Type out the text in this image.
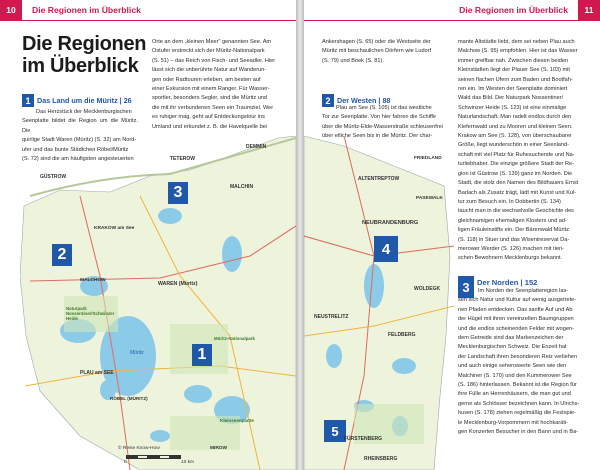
10	Die Regionen im Überblick
Die Regionen
im Überblick
1 Das Land um die Müritz | 26
Das Herzstück der Mecklenburgischen
Seenplatte bildet die Region um die Müritz. Die
quirlige Stadt Waren (Müritz) (S. 32) am Nord-
ufer und das bunte Städtchen Röbel/Müritz
(S. 72) sind die am häufigsten angesteuerten
Orte an dem „kleinen Meer“ genannten See. Am
Ostufer erstreckt sich der Müritz-Nationalpark
(S. 51) – das Reich von Fisch- und Seeadler. Hier
lässt sich die unberührte Natur auf Wanderun-
gen oder Radtouren erleben, am besten auf
einer Exkursion mit einem Ranger. Für Wasser-
sportler, besonders Segler, sind die Müritz und
die mit ihr verbundenen Seen ein Traumziel. Wer
es ruhiger mag, geht auf Entdeckungstour ins
Umland und erkundet z. B. die Havelquelle bei
3
2
1
GÜSTROW
KRAKOW am See
TETEROW
MALCHIN
DEMMIN
WAREN (Müritz)
MALCHOW
PLAU am SEE
RÖBEL (MÜRITZ)
MIROW
Müritz
Naturpark Nossentiner/Schwinzer Heide
Müritz-Nationalpark
Kleinseenplatte
© Reise Know-How
0	10 km
Die Regionen im Überblick	11
Ankershagen (S. 65) oder die Westseite der
Müritz mit beschaulichen Dörfern wie Ludorf
(S. 79) und Boek (S. 81).
2 Der Westen | 88
Plau am See (S. 105) ist das westliche
Tor zur Seenplatte. Von hier fahren die Schiffe
über die Müritz-Elde-Wasserstraße schleusenfrei
über etliche Seen bis in die Müritz. Der char-
mante Altstädte liebt, dem sei neben Plau auch
Malchow (S. 95) empfohlen. Hier ist das Wasser
immer greifbar nah. Zwischen diesen beiden
Kleinstädten liegt der Plauer See (S. 103) mit
seinen flachen Ufern zum Baden und Bootfah-
ren ein. Im Westen der Seenplatte dominiert
Wald das Bild. Der Naturpark Nossentiner/
Schwinzer Heide (S. 123) ist eine einmalige
Naturlandschaft. Man radelt endlos durch den
Kiefernwald und zu Mooren und kleinen Seen.
Krakow am See (S. 128), von überschaubarer
Größe, liegt wunderschön in einer Seenland-
schaft mit viel Platz für Ruhesuchende und Na-
turliebhaber. Die einzige größere Stadt der Re-
gion ist Güstrow (S. 139) ganz im Norden. Die
Stadt, die stolz den Namen des Bildhauers Ernst
Barlach als Zusatz trägt, lädt mit Kunst und Kul-
tur zum Besuch ein. In Dobbertin (S. 134)
taucht man in die wechselvolle Geschichte des
gleichnamigen ehemaligen Klosters und ad-
ligen Fräuleinstifts ein. Der Bärenwald Müritz
(S. 118) in Stuer und das Wisentreservat Da-
merower Werder (S. 126) machen mit tieri-
schen Bewohnern Mecklenburgs bekannt.
3 Der Norden | 152
Im Norden der Seenplatteregion las-
sen sich Natur und Kultur auf wenig ausgetrete-
nen Pfaden entdecken. Das sanfte Auf und Ab
der Hügel mit ihren vereinzelten Baumgruppen
und die endlos scheinenden Felder mit wogen-
dem Getreide sind das Markenzeichen der
Mecklenburgischen Schweiz. Die Enzeit hat
der Landschaft ihren besonderen Reiz verliehen
und auch einige sehenswerte Seen wie den
Malchiner (S. 170) und den Kummerower See
(S. 186) hinterlassen. Bekannt ist die Region für
ihre Fülle an Herrenhäusern, die man gut und
gerne als Schlösser bezeichnen kann. In Ulrichs-
husen (S. 178) ziehen regelmäßig die Festspie-
le Mecklenburg-Vorpommern mit hochkaräti-
gen Konzerten Besucher in den Bann und in Ba-
4
5
ALTENTREPTOW
NEUBRANDENBURG
NEUSTRELITZ
FÜRSTENBERG
FELDBERG
RHEINSBERG
WOLDEGK
PASEWALK
FRIEDLAND
